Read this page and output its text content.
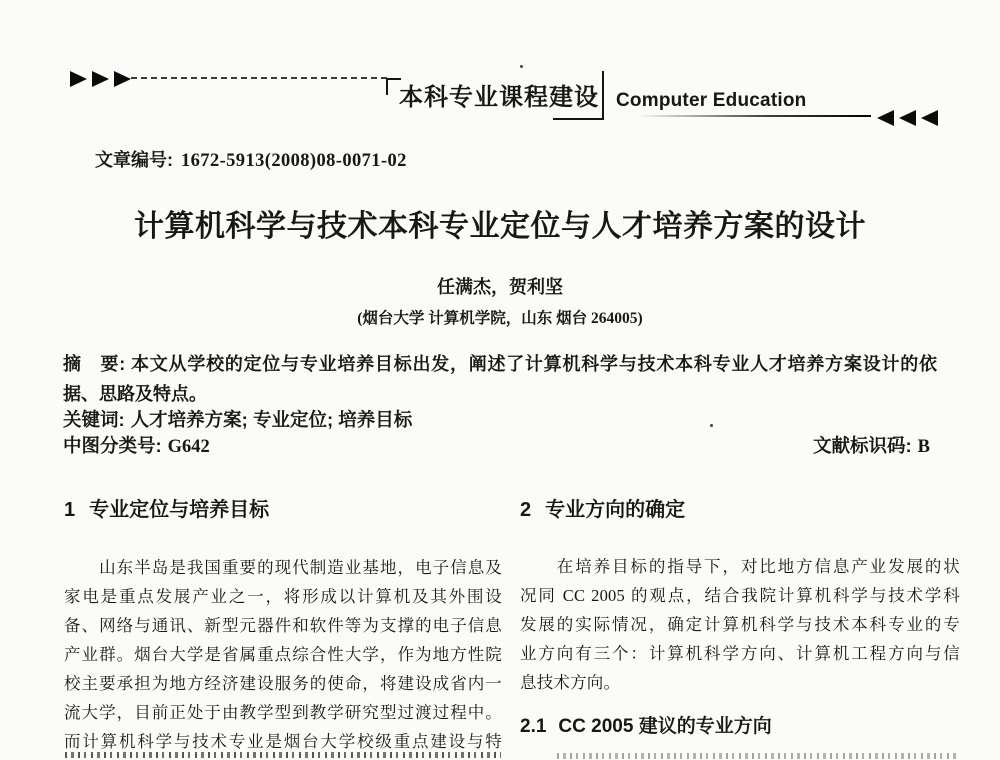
本科专业课程建设 Computer Education
文章编号: 1672-5913(2008)08-0071-02
计算机科学与技术本科专业定位与人才培养方案的设计
任满杰，贺利坚
(烟台大学 计算机学院，山东 烟台 264005)
摘　要: 本文从学校的定位与专业培养目标出发，阐述了计算机科学与技术本科专业人才培养方案设计的依
据、思路及特点。
关键词: 人才培养方案; 专业定位; 培养目标
中图分类号: G642	文献标识码: B
1 专业定位与培养目标
　　山东半岛是我国重要的现代制造业基地，电子信息及
家电是重点发展产业之一，将形成以计算机及其外围设
备、网络与通讯、新型元器件和软件等为支撑的电子信息
产业群。烟台大学是省属重点综合性大学，作为地方性院
校主要承担为地方经济建设服务的使命，将建设成省内一
流大学，目前正处于由教学型到教学研究型过渡过程中。
而计算机科学与技术专业是烟台大学校级重点建设与特
2 专业方向的确定
　　在培养目标的指导下，对比地方信息产业发展的状
况同 CC 2005 的观点，结合我院计算机科学与技术学科
发展的实际情况，确定计算机科学与技术本科专业的专
业方向有三个：计算机科学方向、计算机工程方向与信
息技术方向。
2.1 CC 2005 建议的专业方向
